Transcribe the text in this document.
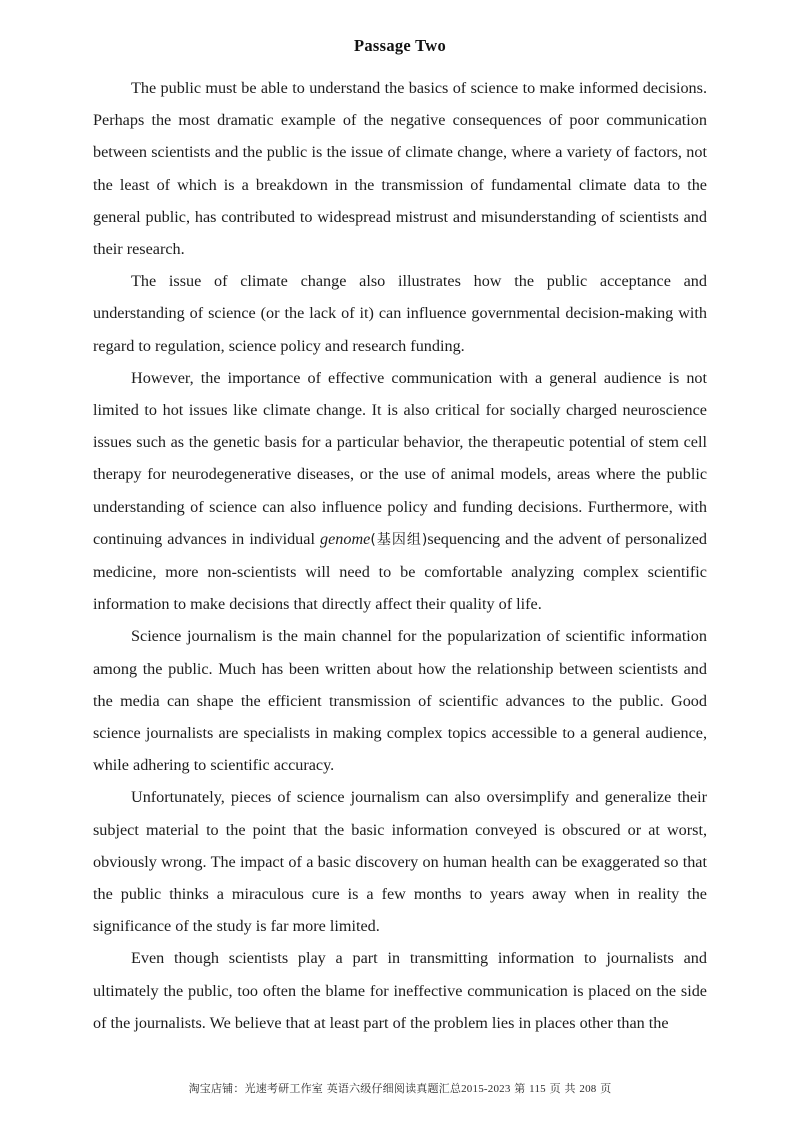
Passage Two

The public must be able to understand the basics of science to make informed decisions. Perhaps the most dramatic example of the negative consequences of poor communication between scientists and the public is the issue of climate change, where a variety of factors, not the least of which is a breakdown in the transmission of fundamental climate data to the general public, has contributed to widespread mistrust and misunderstanding of scientists and their research.

The issue of climate change also illustrates how the public acceptance and understanding of science (or the lack of it) can influence governmental decision-making with regard to regulation, science policy and research funding.

However, the importance of effective communication with a general audience is not limited to hot issues like climate change. It is also critical for socially charged neuroscience issues such as the genetic basis for a particular behavior, the therapeutic potential of stem cell therapy for neurodegenerative diseases, or the use of animal models, areas where the public understanding of science can also influence policy and funding decisions. Furthermore, with continuing advances in individual genome(基因组)sequencing and the advent of personalized medicine, more non-scientists will need to be comfortable analyzing complex scientific information to make decisions that directly affect their quality of life.

Science journalism is the main channel for the popularization of scientific information among the public. Much has been written about how the relationship between scientists and the media can shape the efficient transmission of scientific advances to the public. Good science journalists are specialists in making complex topics accessible to a general audience, while adhering to scientific accuracy.

Unfortunately, pieces of science journalism can also oversimplify and generalize their subject material to the point that the basic information conveyed is obscured or at worst, obviously wrong. The impact of a basic discovery on human health can be exaggerated so that the public thinks a miraculous cure is a few months to years away when in reality the significance of the study is far more limited.

Even though scientists play a part in transmitting information to journalists and ultimately the public, too often the blame for ineffective communication is placed on the side of the journalists. We believe that at least part of the problem lies in places other than the

淘宝店铺：光速考研工作室 英语六级仔细阅读真题汇总2015-2023 第 115 页 共 208 页
